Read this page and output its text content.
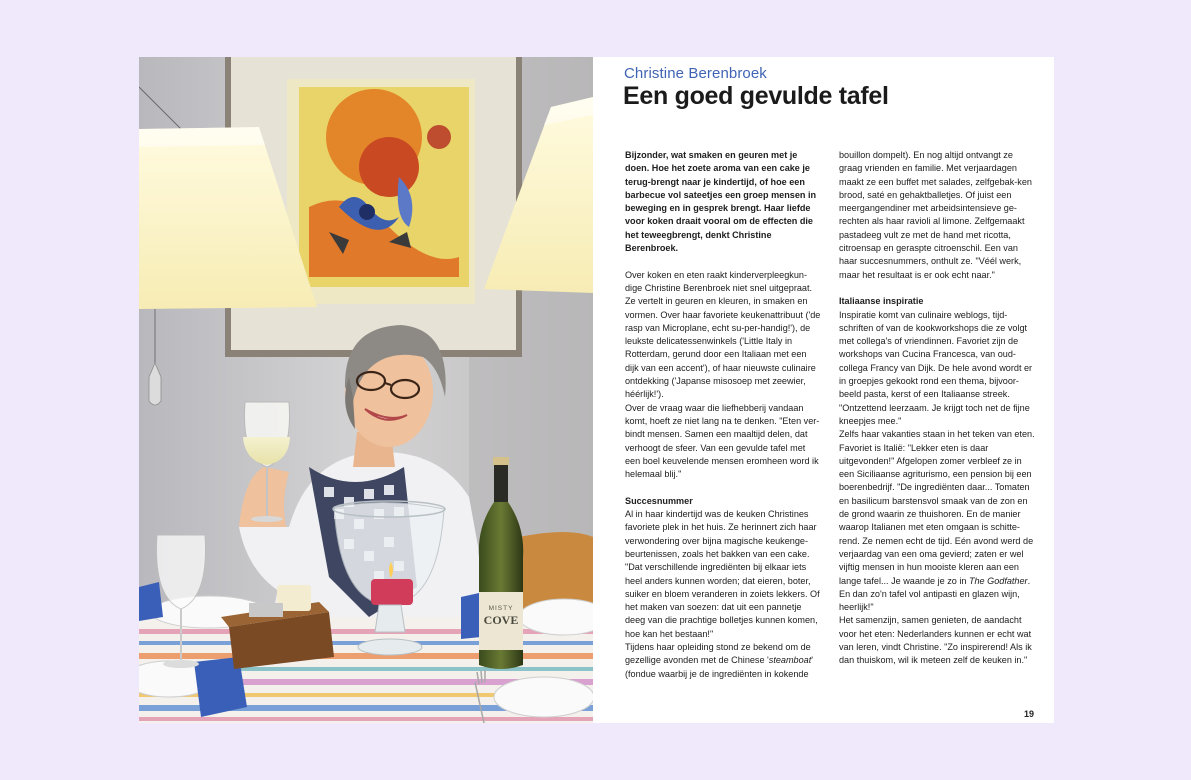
MISTY
COVE
Christine Berenbroek
Een goed gevulde tafel

Bijzonder, wat smaken en geuren met je doen. Hoe het zoete aroma van een cake je terug-brengt naar je kindertijd, of hoe een barbecue vol sateetjes een groep mensen in beweging en in gesprek brengt. Haar liefde voor koken draait vooral om de effecten die het teweegbrengt, denkt Christine Berenbroek.

Over koken en eten raakt kinderverpleegkun-dige Christine Berenbroek niet snel uitgepraat. Ze vertelt in geuren en kleuren, in smaken en vormen. Over haar favoriete keukenattribuut ('de rasp van Microplane, echt su-per-handig!'), de leukste delicatessenwinkels ('Little Italy in Rotterdam, gerund door een Italiaan met een dijk van een accent'), of haar nieuwste culinaire ontdekking ('Japanse misosoep met zeewier, héérlijk!').

Over de vraag waar die liefhebberij vandaan komt, hoeft ze niet lang na te denken. "Eten ver-bindt mensen. Samen een maaltijd delen, dat verhoogt de sfeer. Van een gevulde tafel met een boel keuvelende mensen eromheen word ik helemaal blij."

Succesnummer

Al in haar kindertijd was de keuken Christines favoriete plek in het huis. Ze herinnert zich haar verwondering over bijna magische keukenge-beurtenissen, zoals het bakken van een cake.

"Dat verschillende ingrediënten bij elkaar iets heel anders kunnen worden; dat eieren, boter, suiker en bloem veranderen in zoiets lekkers. Of het maken van soezen: dat uit een pannetje deeg van die prachtige bolletjes kunnen komen, hoe kan het bestaan!"

Tijdens haar opleiding stond ze bekend om de gezellige avonden met de Chinese 'steamboat' (fondue waarbij je de ingrediënten in kokende

bouillon dompelt). En nog altijd ontvangt ze graag vrienden en familie. Met verjaardagen maakt ze een buffet met salades, zelfgebak-ken brood, saté en gehaktballetjes. Of juist een meergangendiner met arbeidsintensieve ge-rechten als haar ravioli al limone. Zelfgemaakt pastadeeg vult ze met de hand met ricotta, citroensap en geraspte citroenschil. Een van haar succesnummers, onthult ze. "Véél werk, maar het resultaat is er ook echt naar."

Italiaanse inspiratie

Inspiratie komt van culinaire weblogs, tijd-schriften of van de kookworkshops die ze volgt met collega's of vriendinnen. Favoriet zijn de workshops van Cucina Francesca, van oud-collega Francy van Dijk. De hele avond wordt er in groepjes gekookt rond een thema, bijvoor-beeld pasta, kerst of een Italiaanse streek. "Ontzettend leerzaam. Je krijgt toch net de fijne kneepjes mee."

Zelfs haar vakanties staan in het teken van eten. Favoriet is Italië: "Lekker eten is daar uitgevonden!" Afgelopen zomer verbleef ze in een Siciliaanse agriturismo, een pension bij een boerenbedrijf. "De ingrediënten daar... Tomaten en basilicum barstensvol smaak van de zon en de grond waarin ze thuishoren. En de manier waarop Italianen met eten omgaan is schitte-rend. Ze nemen echt de tijd. Eén avond werd de verjaardag van een oma gevierd; zaten er wel vijftig mensen in hun mooiste kleren aan een lange tafel... Je waande je zo in The Godfather. En dan zo'n tafel vol antipasti en glazen wijn, heerlijk!"

Het samenzijn, samen genieten, de aandacht voor het eten: Nederlanders kunnen er echt wat van leren, vindt Christine. "Zo inspirerend! Als ik dan thuiskom, wil ik meteen zelf de keuken in."

19
